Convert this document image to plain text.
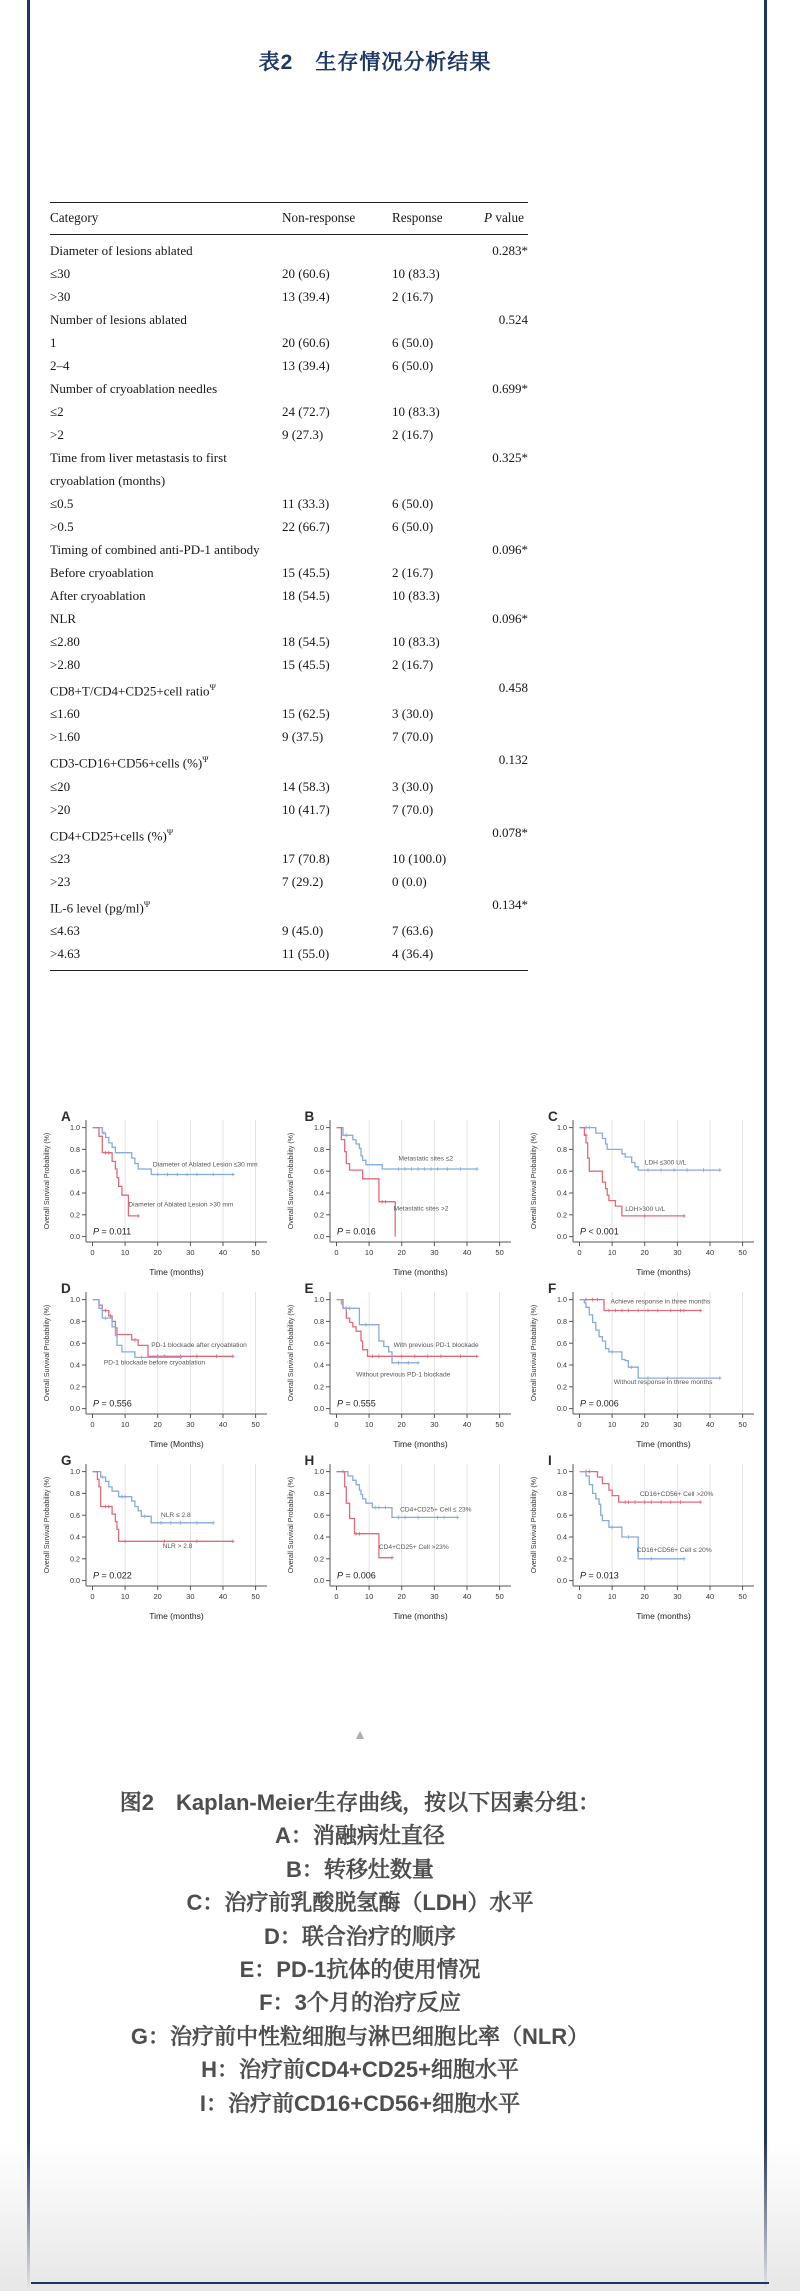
表2　生存情况分析结果
Category	Non-response	Response	P value
Diameter of lesions ablated			0.283*
≤30	20 (60.6)	10 (83.3)	
>30	13 (39.4)	2 (16.7)	
Number of lesions ablated			0.524
1	20 (60.6)	6 (50.0)	
2–4	13 (39.4)	6 (50.0)	
Number of cryoablation needles			0.699*
≤2	24 (72.7)	10 (83.3)	
>2	9 (27.3)	2 (16.7)	
Time from liver metastasis to first cryoablation (months)			0.325*
≤0.5	11 (33.3)	6 (50.0)	
>0.5	22 (66.7)	6 (50.0)	
Timing of combined anti-PD-1 antibody			0.096*
Before cryoablation	15 (45.5)	2 (16.7)	
After cryoablation	18 (54.5)	10 (83.3)	
NLR			0.096*
≤2.80	18 (54.5)	10 (83.3)	
>2.80	15 (45.5)	2 (16.7)	
CD8+T/CD4+CD25+cell ratio$^\Psi$			0.458
≤1.60	15 (62.5)	3 (30.0)	
>1.60	9 (37.5)	7 (70.0)	
CD3-CD16+CD56+cells (%)$^\Psi$			0.132
≤20	14 (58.3)	3 (30.0)	
>20	10 (41.7)	7 (70.0)	
CD4+CD25+cells (%)$^\Psi$			0.078*
≤23	17 (70.8)	10 (100.0)	
>23	7 (29.2)	0 (0.0)	
IL-6 level $(pg/ml)^\Psi$			0.134*
≤4.63	9 (45.0)	7 (63.6)	
>4.63	11 (55.0)	4 (36.4)	
A
1.0
0.8
0.6
0.4
0.2
0.0
0	10	20	30	40	50
Overall Survival Probability (%)
Time (months)
Diameter of Ablated Lesion ≤30 mm
Diameter of Ablated Lesion >30 mm
P = 0.011
B
1.0
0.8
0.6
0.4
0.2
0.0
0	10	20	30	40	50
Overall Survival Probability (%)
Time (months)
Metastatic sites ≤2
Metastatic sites >2
P = 0.016
C
1.0
0.8
0.6
0.4
0.2
0.0
0	10	20	30	40	50
Overall Survival Probability (%)
Time (months)
LDH ≤300 U/L
LDH>300 U/L
P < 0.001
D
1.0
0.8
0.6
0.4
0.2
0.0
0	10	20	30	40	50
Overall Survival Probability (%)
Time (Months)
PD-1 blockade after cryoablation
PD-1 blockade before cryoablation
P = 0.556
E
1.0
0.8
0.6
0.4
0.2
0.0
0	10	20	30	40	50
Overall Survival Probability (%)
Time (months)
With previous PD-1 blockade
Without previous PD-1 blockade
P = 0.555
F
1.0
0.8
0.6
0.4
0.2
0.0
0	10	20	30	40	50
Overall Survival Probability (%)
Time (months)
Achieve response in three months
Without response in three months
P = 0.006
G
1.0
0.8
0.6
0.4
0.2
0.0
0	10	20	30	40	50
Overall Survival Probability (%)
Time (months)
NLR ≤ 2.8
NLR > 2.8
P = 0.022
H
1.0
0.8
0.6
0.4
0.2
0.0
0	10	20	30	40	50
Overall Survival Probability (%)
Time (months)
CD4+CD25+ Cell ≤ 23%
CD4+CD25+ Cell >23%
P = 0.006
I
1.0
0.8
0.6
0.4
0.2
0.0
0	10	20	30	40	50
Overall Survival Probability (%)
Time (months)
CD16+CD56+ Cell >20%
CD16+CD56+ Cell ≤ 20%
P = 0.013
▲
图2　Kaplan-Meier生存曲线，按以下因素分组：
A：消融病灶直径
B：转移灶数量
C：治疗前乳酸脱氢酶（LDH）水平
D：联合治疗的顺序
E：PD-1抗体的使用情况
F：3个月的治疗反应
G：治疗前中性粒细胞与淋巴细胞比率（NLR）
H：治疗前CD4+CD25+细胞水平
I：治疗前CD16+CD56+细胞水平
